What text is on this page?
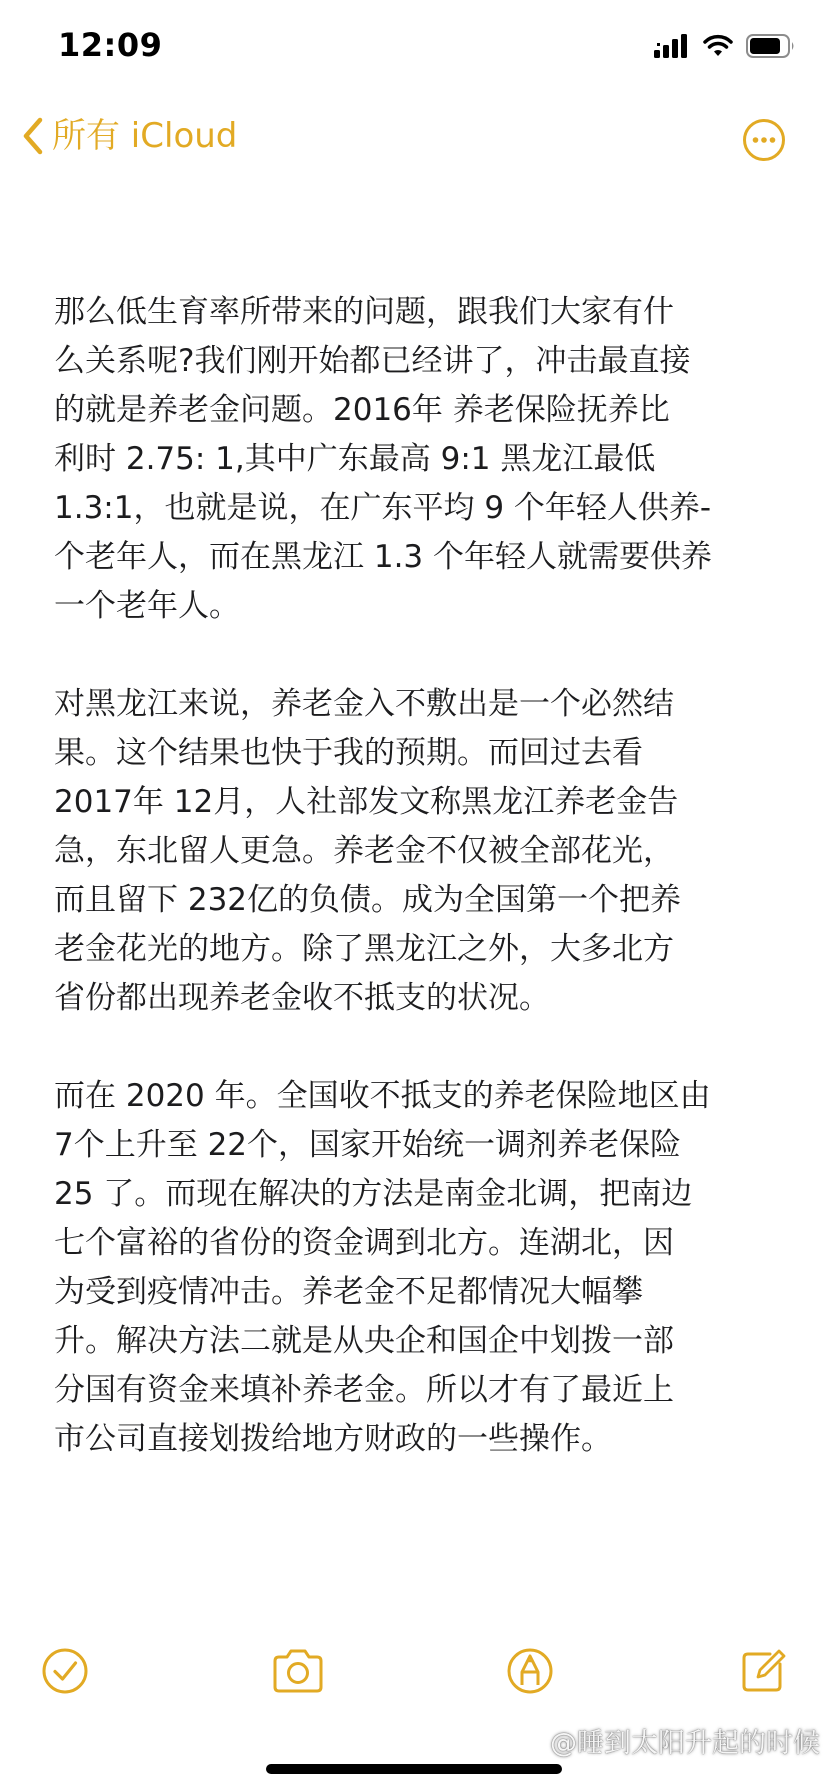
12:09
所有 iCloud

那么低生育率所带来的问题，跟我们大家有什
么关系呢?我们刚开始都已经讲了，冲击最直接
的就是养老金问题。2016年 养老保险抚养比
利时 2.75: 1,其中广东最高 9:1 黑龙江最低
1.3:1，也就是说，在广东平均 9 个年轻人供养-
个老年人，而在黑龙江 1.3 个年轻人就需要供养
一个老年人。

对黑龙江来说，养老金入不敷出是一个必然结
果。这个结果也快于我的预期。而回过去看
2017年 12月，人社部发文称黑龙江养老金告
急，东北留人更急。养老金不仅被全部花光，
而且留下 232亿的负债。成为全国第一个把养
老金花光的地方。除了黑龙江之外，大多北方
省份都出现养老金收不抵支的状况。

而在 2020 年。全国收不抵支的养老保险地区由
7个上升至 22个，国家开始统一调剂养老保险
25 了。而现在解决的方法是南金北调，把南边
七个富裕的省份的资金调到北方。连湖北，因
为受到疫情冲击。养老金不足都情况大幅攀
升。解决方法二就是从央企和国企中划拨一部
分国有资金来填补养老金。所以才有了最近上
市公司直接划拨给地方财政的一些操作。

@睡到太阳升起的时候
